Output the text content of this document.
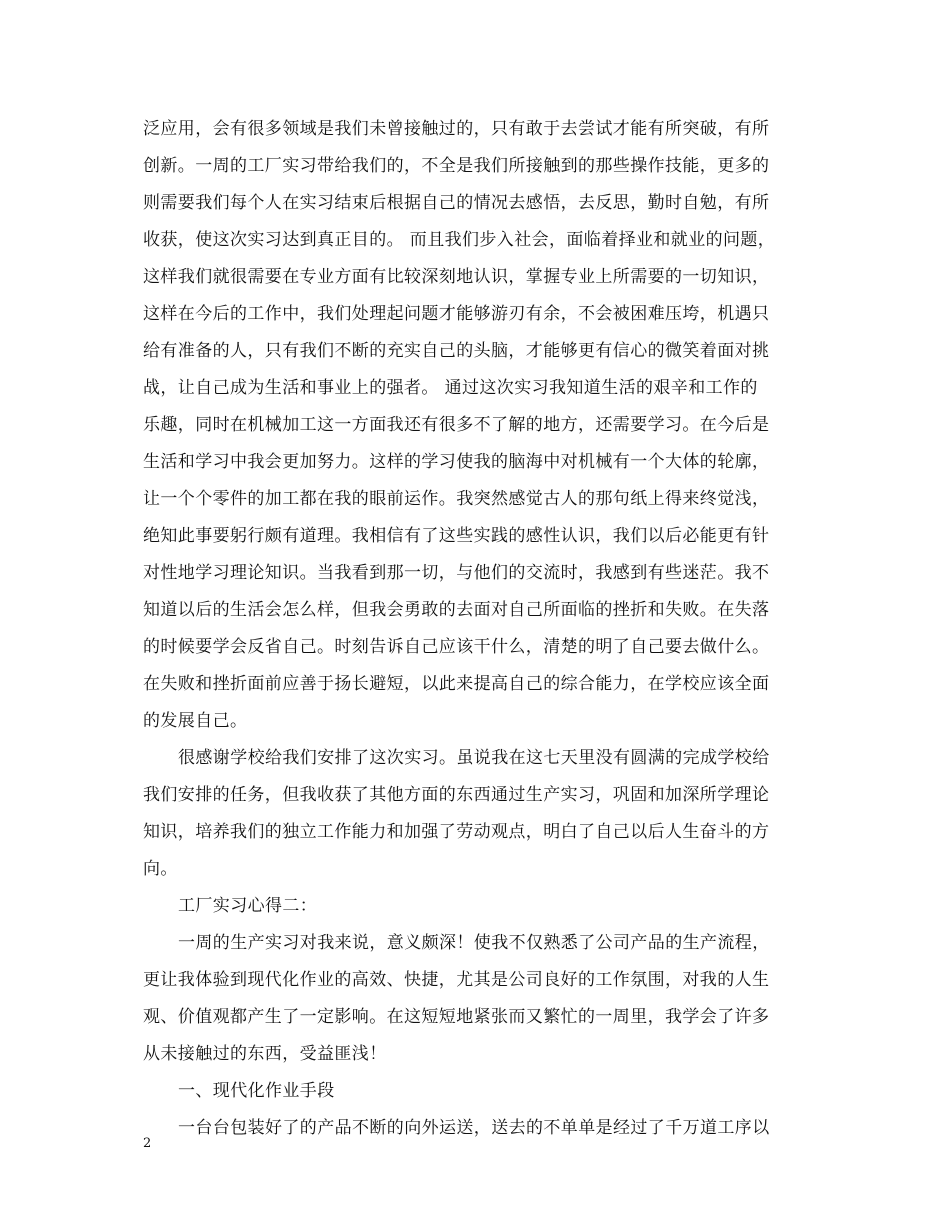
泛应用，会有很多领域是我们未曾接触过的，只有敢于去尝试才能有所突破，有所
创新。一周的工厂实习带给我们的，不全是我们所接触到的那些操作技能，更多的
则需要我们每个人在实习结束后根据自己的情况去感悟，去反思，勤时自勉，有所
收获，使这次实习达到真正目的。 而且我们步入社会，面临着择业和就业的问题，
这样我们就很需要在专业方面有比较深刻地认识，掌握专业上所需要的一切知识，
这样在今后的工作中，我们处理起问题才能够游刃有余，不会被困难压垮，机遇只
给有准备的人，只有我们不断的充实自己的头脑，才能够更有信心的微笑着面对挑
战，让自己成为生活和事业上的强者。 通过这次实习我知道生活的艰辛和工作的
乐趣，同时在机械加工这一方面我还有很多不了解的地方，还需要学习。在今后是
生活和学习中我会更加努力。这样的学习使我的脑海中对机械有一个大体的轮廓，
让一个个零件的加工都在我的眼前运作。我突然感觉古人的那句纸上得来终觉浅，
绝知此事要躬行颇有道理。我相信有了这些实践的感性认识，我们以后必能更有针
对性地学习理论知识。当我看到那一切，与他们的交流时，我感到有些迷茫。我不
知道以后的生活会怎么样，但我会勇敢的去面对自己所面临的挫折和失败。在失落
的时候要学会反省自己。时刻告诉自己应该干什么，清楚的明了自己要去做什么。
在失败和挫折面前应善于扬长避短，以此来提高自己的综合能力，在学校应该全面
的发展自己。
很感谢学校给我们安排了这次实习。虽说我在这七天里没有圆满的完成学校给
我们安排的任务，但我收获了其他方面的东西通过生产实习，巩固和加深所学理论
知识，培养我们的独立工作能力和加强了劳动观点，明白了自己以后人生奋斗的方
向。
工厂实习心得二：
一周的生产实习对我来说，意义颇深！使我不仅熟悉了公司产品的生产流程，
更让我体验到现代化作业的高效、快捷，尤其是公司良好的工作氛围，对我的人生
观、价值观都产生了一定影响。在这短短地紧张而又繁忙的一周里，我学会了许多
从未接触过的东西，受益匪浅！
一、现代化作业手段
一台台包装好了的产品不断的向外运送，送去的不单单是经过了千万道工序以
2
